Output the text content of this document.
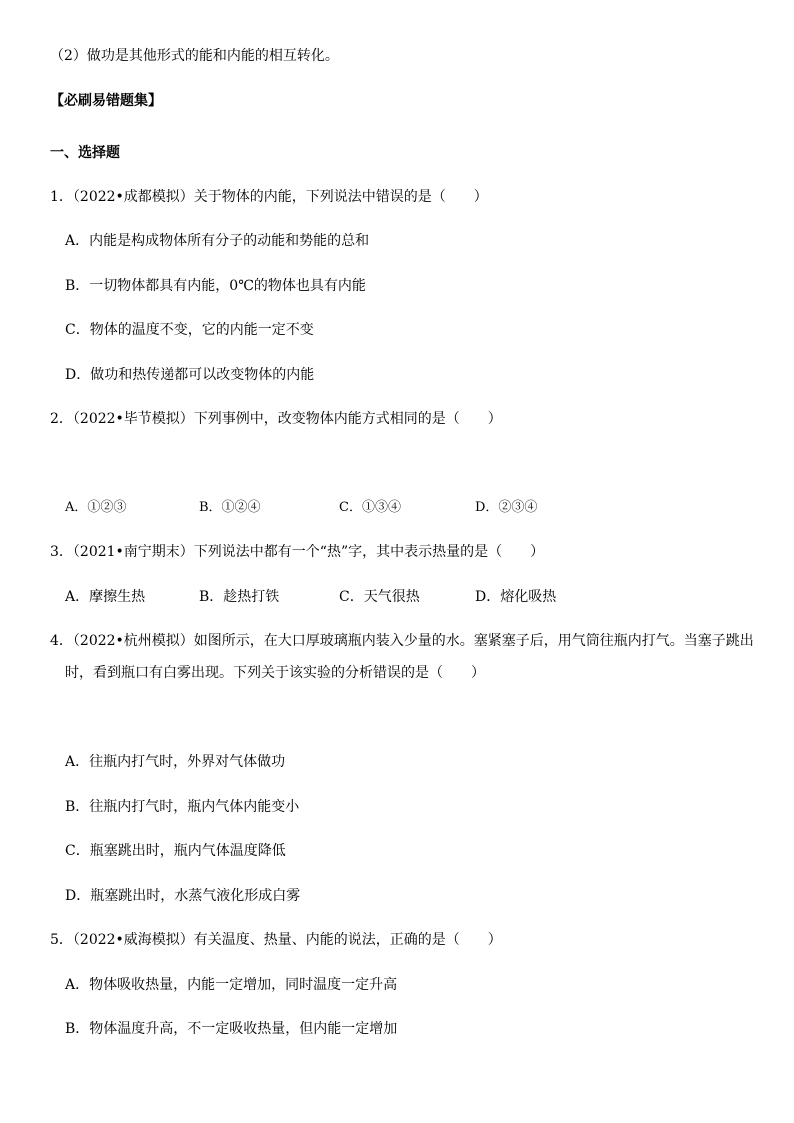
（2）做功是其他形式的能和内能的相互转化。
【必刷易错题集】
一、选择题
1．（2022•成都模拟）关于物体的内能，下列说法中错误的是（　　）
A．内能是构成物体所有分子的动能和势能的总和
B．一切物体都具有内能，0℃的物体也具有内能
C．物体的温度不变，它的内能一定不变
D．做功和热传递都可以改变物体的内能
2．（2022•毕节模拟）下列事例中，改变物体内能方式相同的是（　　）
A．①②③	B．①②④	C．①③④	D．②③④
3．（2021•南宁期末）下列说法中都有一个“热”字，其中表示热量的是（　　）
A．摩擦生热	B．趁热打铁	C．天气很热	D．熔化吸热
4．（2022•杭州模拟）如图所示，在大口厚玻璃瓶内装入少量的水。塞紧塞子后，用气筒往瓶内打气。当塞子跳出
时，看到瓶口有白雾出现。下列关于该实验的分析错误的是（　　）
A．往瓶内打气时，外界对气体做功
B．往瓶内打气时，瓶内气体内能变小
C．瓶塞跳出时，瓶内气体温度降低
D．瓶塞跳出时，水蒸气液化形成白雾
5．（2022•威海模拟）有关温度、热量、内能的说法，正确的是（　　）
A．物体吸收热量，内能一定增加，同时温度一定升高
B．物体温度升高，不一定吸收热量，但内能一定增加
